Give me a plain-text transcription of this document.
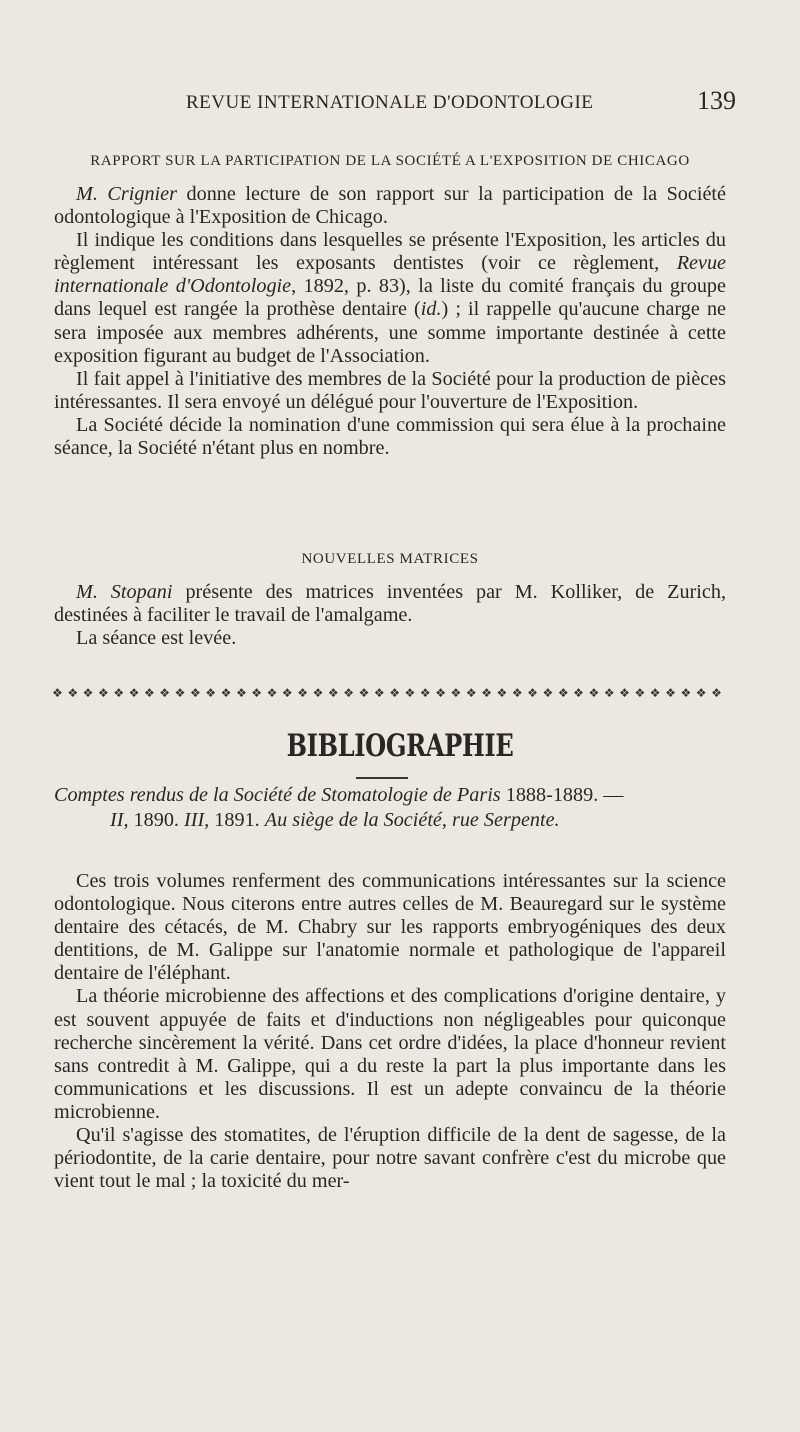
REVUE INTERNATIONALE D'ODONTOLOGIE	139
RAPPORT SUR LA PARTICIPATION DE LA SOCIÉTÉ A L'EXPOSITION DE CHICAGO

M. Crignier donne lecture de son rapport sur la participation de la Société odontologique à l'Exposition de Chicago.

Il indique les conditions dans lesquelles se présente l'Exposition, les articles du règlement intéressant les exposants dentistes (voir ce règlement, Revue internationale d'Odontologie, 1892, p. 83), la liste du comité français du groupe dans lequel est rangée la prothèse dentaire (id.) ; il rappelle qu'aucune charge ne sera imposée aux membres adhérents, une somme importante destinée à cette exposition figurant au budget de l'Association.

Il fait appel à l'initiative des membres de la Société pour la production de pièces intéressantes. Il sera envoyé un délégué pour l'ouverture de l'Exposition.

La Société décide la nomination d'une commission qui sera élue à la prochaine séance, la Société n'étant plus en nombre.

NOUVELLES MATRICES

M. Stopani présente des matrices inventées par M. Kolliker, de Zurich, destinées à faciliter le travail de l'amalgame.

La séance est levée.

❖ ❖ ❖ ❖ ❖ ❖ ❖ ❖ ❖ ❖ ❖ ❖ ❖ ❖ ❖ ❖ ❖ ❖ ❖ ❖ ❖ ❖ ❖ ❖ ❖ ❖ ❖ ❖ ❖ ❖ ❖ ❖ ❖ ❖ ❖ ❖ ❖ ❖ ❖ ❖ ❖ ❖ ❖ ❖
BIBLIOGRAPHIE
Comptes rendus de la Société de Stomatologie de Paris 1888-1889. —
II, 1890. III, 1891. Au siège de la Société, rue Serpente.

Ces trois volumes renferment des communications intéressantes sur la science odontologique. Nous citerons entre autres celles de M. Beauregard sur le système dentaire des cétacés, de M. Chabry sur les rapports embryogéniques des deux dentitions, de M. Galippe sur l'anatomie normale et pathologique de l'appareil dentaire de l'éléphant.

La théorie microbienne des affections et des complications d'origine dentaire, y est souvent appuyée de faits et d'inductions non négligeables pour quiconque recherche sincèrement la vérité. Dans cet ordre d'idées, la place d'honneur revient sans contredit à M. Galippe, qui a du reste la part la plus importante dans les communications et les discussions. Il est un adepte convaincu de la théorie microbienne.

Qu'il s'agisse des stomatites, de l'éruption difficile de la dent de sagesse, de la périodontite, de la carie dentaire, pour notre savant confrère c'est du microbe que vient tout le mal ; la toxicité du mer-
